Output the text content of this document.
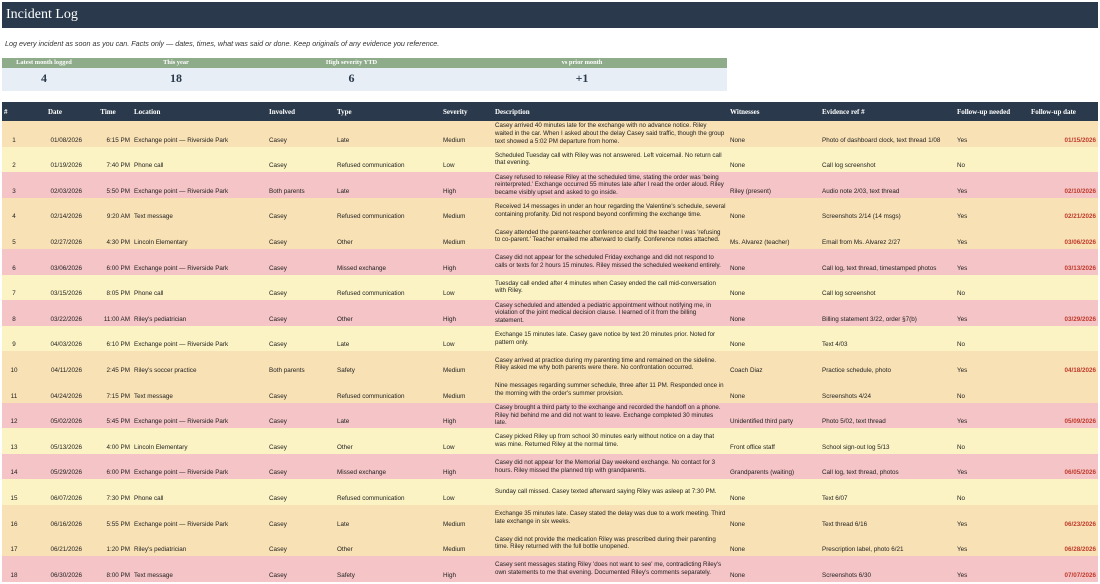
Incident Log
Log every incident as soon as you can. Facts only — dates, times, what was said or done. Keep originals of any evidence you reference.
Latest month logged
4
This year
18
High severity YTD
6
vs prior month
+1
#	Date	Time	Location	Involved	Type	Severity	Description	Witnesses	Evidence ref #	Follow-up needed	Follow-up date
1	01/08/2026	6:15 PM	Exchange point — Riverside Park	Casey	Late	Medium	Casey arrived 40 minutes late for the exchange with no advance notice. Riley waited in the car. When I asked about the delay Casey said traffic, though the group text showed a 5:02 PM departure from home.	None	Photo of dashboard clock, text thread 1/08	Yes	01/15/2026
2	01/19/2026	7:40 PM	Phone call	Casey	Refused communication	Low	Scheduled Tuesday call with Riley was not answered. Left voicemail. No return call that evening.	None	Call log screenshot	No	
3	02/03/2026	5:50 PM	Exchange point — Riverside Park	Both parents	Late	High	Casey refused to release Riley at the scheduled time, stating the order was 'being reinterpreted.' Exchange occurred 55 minutes late after I read the order aloud. Riley became visibly upset and asked to go inside.	Riley (present)	Audio note 2/03, text thread	Yes	02/10/2026
4	02/14/2026	9:20 AM	Text message	Casey	Refused communication	Medium	Received 14 messages in under an hour regarding the Valentine's schedule, several containing profanity. Did not respond beyond confirming the exchange time.	None	Screenshots 2/14 (14 msgs)	Yes	02/21/2026
5	02/27/2026	4:30 PM	Lincoln Elementary	Casey	Other	Medium	Casey attended the parent-teacher conference and told the teacher I was 'refusing to co-parent.' Teacher emailed me afterward to clarify. Conference notes attached.	Ms. Alvarez (teacher)	Email from Ms. Alvarez 2/27	Yes	03/06/2026
6	03/06/2026	6:00 PM	Exchange point — Riverside Park	Casey	Missed exchange	High	Casey did not appear for the scheduled Friday exchange and did not respond to calls or texts for 2 hours 15 minutes. Riley missed the scheduled weekend entirely.	None	Call log, text thread, timestamped photos	Yes	03/13/2026
7	03/15/2026	8:05 PM	Phone call	Casey	Refused communication	Low	Tuesday call ended after 4 minutes when Casey ended the call mid-conversation with Riley.	None	Call log screenshot	No	
8	03/22/2026	11:00 AM	Riley's pediatrician	Casey	Other	High	Casey scheduled and attended a pediatric appointment without notifying me, in violation of the joint medical decision clause. I learned of it from the billing statement.	None	Billing statement 3/22, order §7(b)	Yes	03/29/2026
9	04/03/2026	6:10 PM	Exchange point — Riverside Park	Casey	Late	Low	Exchange 15 minutes late. Casey gave notice by text 20 minutes prior. Noted for pattern only.	None	Text 4/03	No	
10	04/11/2026	2:45 PM	Riley's soccer practice	Both parents	Safety	Medium	Casey arrived at practice during my parenting time and remained on the sideline. Riley asked me why both parents were there. No confrontation occurred.	Coach Diaz	Practice schedule, photo	Yes	04/18/2026
11	04/24/2026	7:15 PM	Text message	Casey	Refused communication	Medium	Nine messages regarding summer schedule, three after 11 PM. Responded once in the morning with the order's summer provision.	None	Screenshots 4/24	No	
12	05/02/2026	5:45 PM	Exchange point — Riverside Park	Casey	Late	High	Casey brought a third party to the exchange and recorded the handoff on a phone. Riley hid behind me and did not want to leave. Exchange completed 30 minutes late.	Unidentified third party	Photo 5/02, text thread	Yes	05/09/2026
13	05/13/2026	4:00 PM	Lincoln Elementary	Casey	Other	Low	Casey picked Riley up from school 30 minutes early without notice on a day that was mine. Returned Riley at the normal time.	Front office staff	School sign-out log 5/13	No	
14	05/29/2026	6:00 PM	Exchange point — Riverside Park	Casey	Missed exchange	High	Casey did not appear for the Memorial Day weekend exchange. No contact for 3 hours. Riley missed the planned trip with grandparents.	Grandparents (waiting)	Call log, text thread, photos	Yes	06/05/2026
15	06/07/2026	7:30 PM	Phone call	Casey	Refused communication	Low	Sunday call missed. Casey texted afterward saying Riley was asleep at 7:30 PM.	None	Text 6/07	No	
16	06/16/2026	5:55 PM	Exchange point — Riverside Park	Casey	Late	Medium	Exchange 35 minutes late. Casey stated the delay was due to a work meeting. Third late exchange in six weeks.	None	Text thread 6/16	Yes	06/23/2026
17	06/21/2026	1:20 PM	Riley's pediatrician	Casey	Other	Medium	Casey did not provide the medication Riley was prescribed during their parenting time. Riley returned with the full bottle unopened.	None	Prescription label, photo 6/21	Yes	06/28/2026
18	06/30/2026	8:00 PM	Text message	Casey	Safety	High	Casey sent messages stating Riley 'does not want to see' me, contradicting Riley's own statements to me that evening. Documented Riley's comments separately.	None	Screenshots 6/30	Yes	07/07/2026
